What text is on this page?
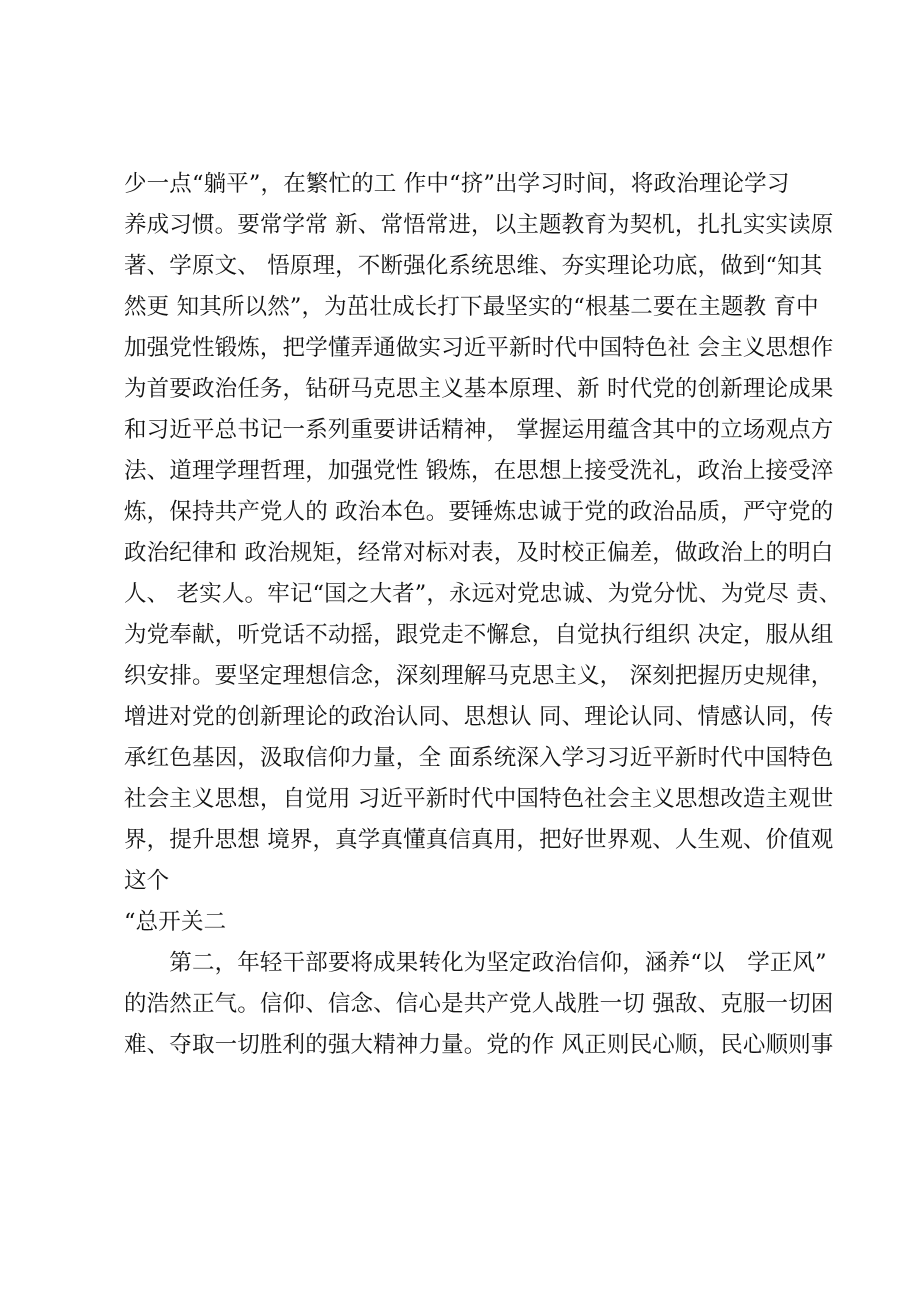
少一点“躺平”，在繁忙的工 作中“挤”出学习时间，将政治理论学习
养成习惯。要常学常 新、常悟常进，以主题教育为契机，扎扎实实读原
著、学原文、 悟原理，不断强化系统思维、夯实理论功底，做到“知其
然更 知其所以然”，为茁壮成长打下最坚实的“根基二要在主题教 育中
加强党性锻炼，把学懂弄通做实习近平新时代中国特色社 会主义思想作
为首要政治任务，钻研马克思主义基本原理、新 时代党的创新理论成果
和习近平总书记一系列重要讲话精神， 掌握运用蕴含其中的立场观点方
法、道理学理哲理，加强党性 锻炼，在思想上接受洗礼，政治上接受淬
炼，保持共产党人的 政治本色。要锤炼忠诚于党的政治品质，严守党的
政治纪律和 政治规矩，经常对标对表，及时校正偏差，做政治上的明白
人、 老实人。牢记“国之大者”，永远对党忠诚、为党分忧、为党尽 责、
为党奉献，听党话不动摇，跟党走不懈怠，自觉执行组织 决定，服从组
织安排。要坚定理想信念，深刻理解马克思主义， 深刻把握历史规律，
增进对党的创新理论的政治认同、思想认 同、理论认同、情感认同，传
承红色基因，汲取信仰力量，全 面系统深入学习习近平新时代中国特色
社会主义思想，自觉用 习近平新时代中国特色社会主义思想改造主观世
界，提升思想 境界，真学真懂真信真用，把好世界观、人生观、价值观
这个
“总开关二
　　第二，年轻干部要将成果转化为坚定政治信仰，涵养“以　学正风”
的浩然正气。信仰、信念、信心是共产党人战胜一切 强敌、克服一切困
难、夺取一切胜利的强大精神力量。党的作 风正则民心顺，民心顺则事
